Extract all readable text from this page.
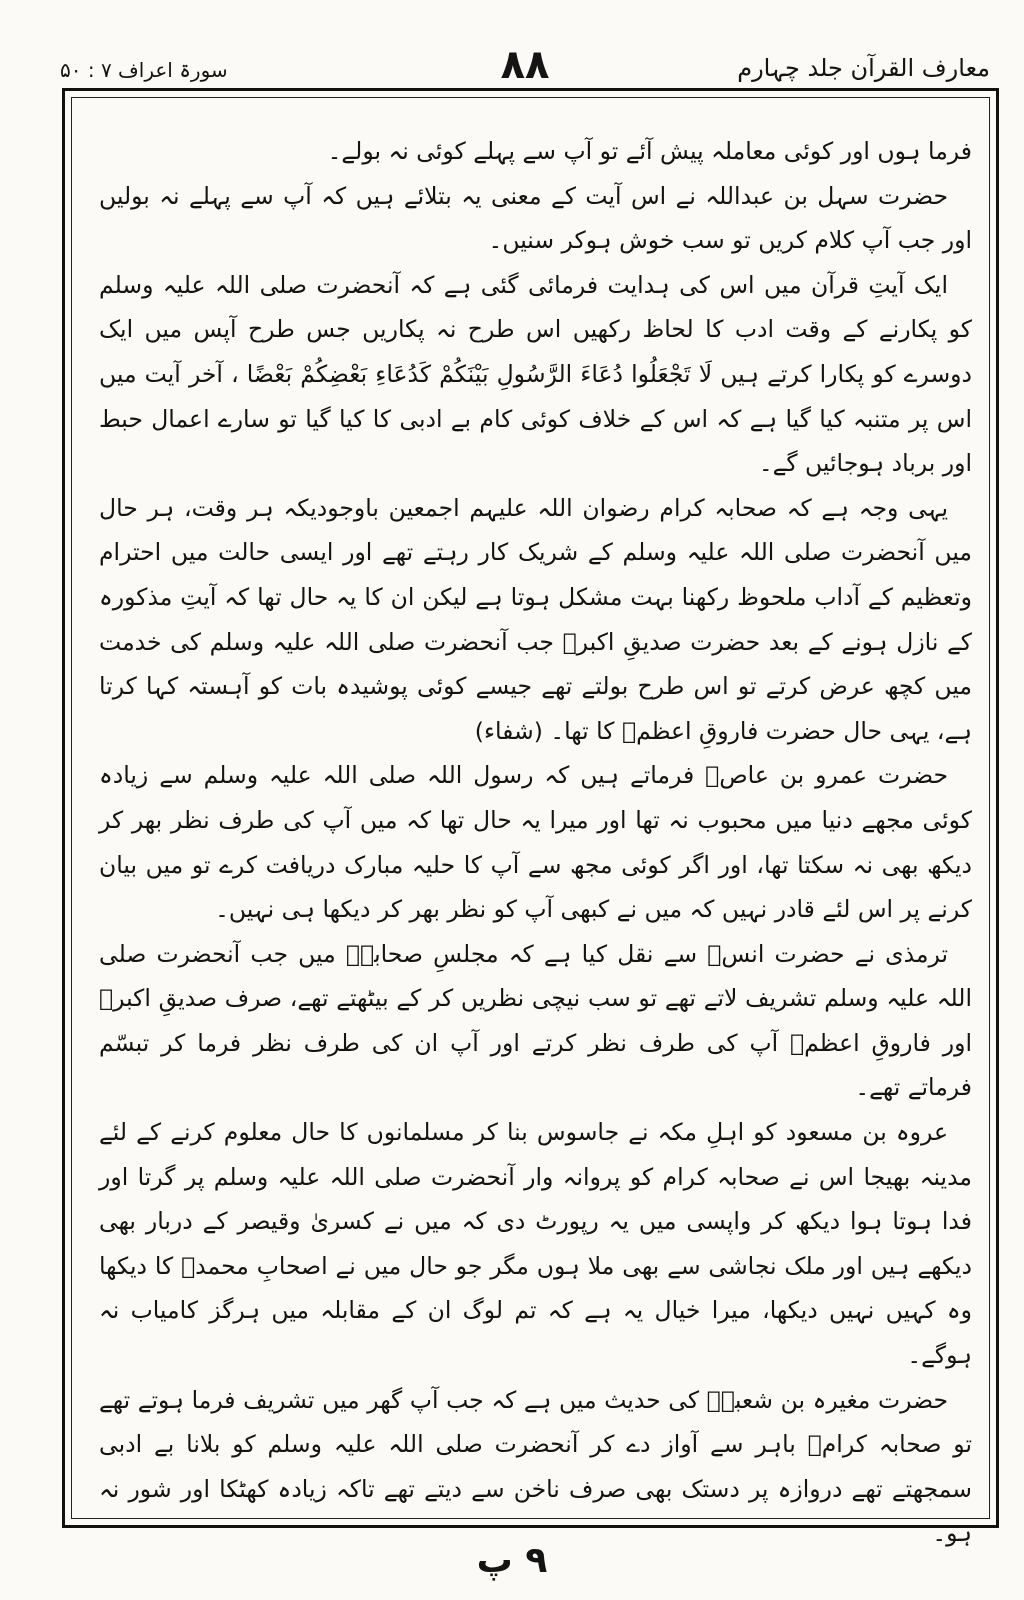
معارف القرآن جلد چہارم
۸۸
سورۃ اعراف ۷ : ۵۰

فرما ہوں اور کوئی معاملہ پیش آئے تو آپ سے پہلے کوئی نہ بولے۔

حضرت سہل بن عبداللہ نے اس آیت کے معنی یہ بتلائے ہیں کہ آپ سے پہلے نہ بولیں اور جب آپ کلام کریں تو سب خوش ہوکر سنیں۔

ایک آیتِ قرآن میں اس کی ہدایت فرمائی گئی ہے کہ آنحضرت صلی اللہ علیہ وسلم کو پکارنے کے وقت ادب کا لحاظ رکھیں اس طرح نہ پکاریں جس طرح آپس میں ایک دوسرے کو پکارا کرتے ہیں لَا تَجْعَلُوا دُعَاءَ الرَّسُولِ بَيْنَكُمْ كَدُعَاءِ بَعْضِكُمْ بَعْضًا ، آخر آیت میں اس پر متنبہ کیا گیا ہے کہ اس کے خلاف کوئی کام بے ادبی کا کیا گیا تو سارے اعمال حبط اور برباد ہوجائیں گے۔

یہی وجہ ہے کہ صحابہ کرام رضوان اللہ علیہم اجمعین باوجودیکہ ہر وقت، ہر حال میں آنحضرت صلی اللہ علیہ وسلم کے شریک کار رہتے تھے اور ایسی حالت میں احترام وتعظیم کے آداب ملحوظ رکھنا بہت مشکل ہوتا ہے لیکن ان کا یہ حال تھا کہ آیتِ مذکورہ کے نازل ہونے کے بعد حضرت صدیقِ اکبرؓ جب آنحضرت صلی اللہ علیہ وسلم کی خدمت میں کچھ عرض کرتے تو اس طرح بولتے تھے جیسے کوئی پوشیدہ بات کو آہستہ کہا کرتا ہے، یہی حال حضرت فاروقِ اعظمؓ کا تھا۔ (شفاء)

حضرت عمرو بن عاصؓ فرماتے ہیں کہ رسول اللہ صلی اللہ علیہ وسلم سے زیادہ کوئی مجھے دنیا میں محبوب نہ تھا اور میرا یہ حال تھا کہ میں آپ کی طرف نظر بھر کر دیکھ بھی نہ سکتا تھا، اور اگر کوئی مجھ سے آپ کا حلیہ مبارک دریافت کرے تو میں بیان کرنے پر اس لئے قادر نہیں کہ میں نے کبھی آپ کو نظر بھر کر دیکھا ہی نہیں۔

ترمذی نے حضرت انسؓ سے نقل کیا ہے کہ مجلسِ صحابہؓ میں جب آنحضرت صلی اللہ علیہ وسلم تشریف لاتے تھے تو سب نیچی نظریں کر کے بیٹھتے تھے، صرف صدیقِ اکبرؓ اور فاروقِ اعظمؓ آپ کی طرف نظر کرتے اور آپ ان کی طرف نظر فرما کر تبسّم فرماتے تھے۔

عروہ بن مسعود کو اہلِ مکہ نے جاسوس بنا کر مسلمانوں کا حال معلوم کرنے کے لئے مدینہ بھیجا اس نے صحابہ کرام کو پروانہ وار آنحضرت صلی اللہ علیہ وسلم پر گرتا اور فدا ہوتا ہوا دیکھ کر واپسی میں یہ رپورٹ دی کہ میں نے کسریٰ وقیصر کے دربار بھی دیکھے ہیں اور ملک نجاشی سے بھی ملا ہوں مگر جو حال میں نے اصحابِ محمدؐ کا دیکھا وہ کہیں نہیں دیکھا، میرا خیال یہ ہے کہ تم لوگ ان کے مقابلہ میں ہرگز کامیاب نہ ہوگے۔

حضرت مغیرہ بن شعبہؓ کی حدیث میں ہے کہ جب آپ گھر میں تشریف فرما ہوتے تھے تو صحابہ کرامؓ باہر سے آواز دے کر آنحضرت صلی اللہ علیہ وسلم کو بلانا بے ادبی سمجھتے تھے دروازہ پر دستک بھی صرف ناخن سے دیتے تھے تاکہ زیادہ کھٹکا اور شور نہ ہو۔

۹ پ
